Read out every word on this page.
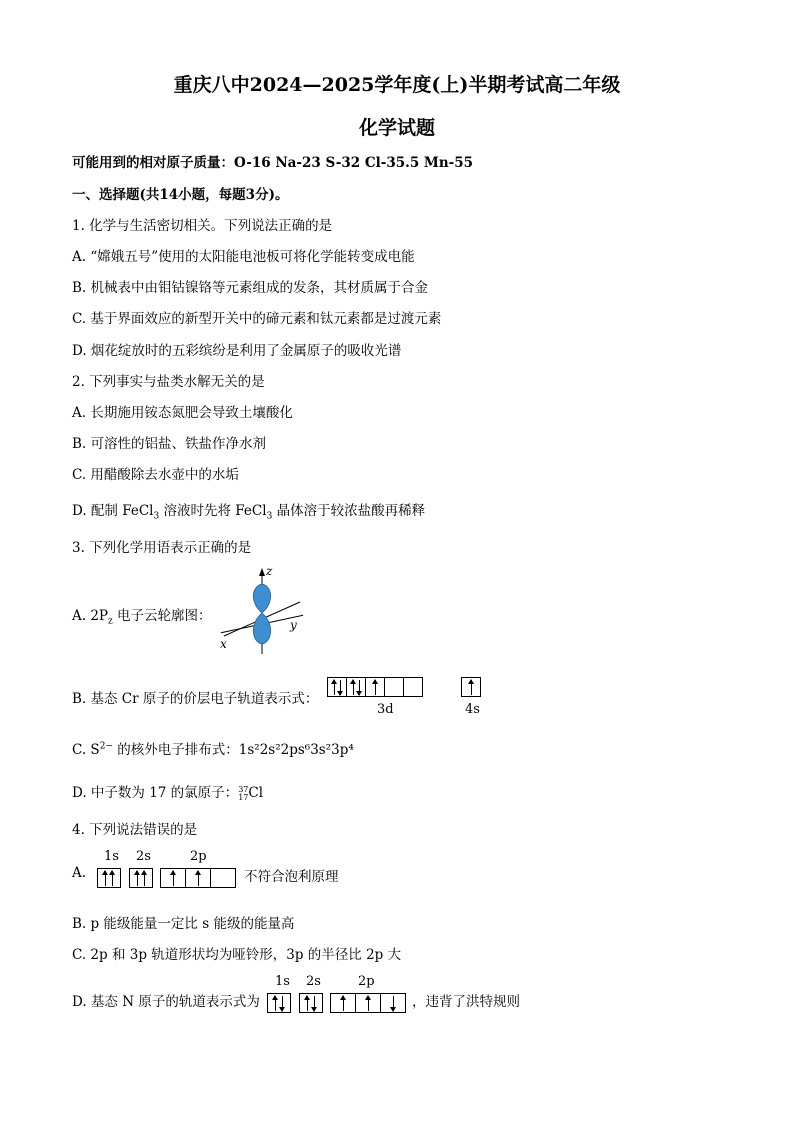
重庆八中2024—2025学年度(上)半期考试高二年级
化学试题
可能用到的相对原子质量：O-16 Na-23 S-32 Cl-35.5 Mn-55
一、选择题(共14小题，每题3分)。
1. 化学与生活密切相关。下列说法正确的是
A. “嫦娥五号”使用的太阳能电池板可将化学能转变成电能
B. 机械表中由钼钴镍铬等元素组成的发条，其材质属于合金
C. 基于界面效应的新型开关中的碲元素和钛元素都是过渡元素
D. 烟花绽放时的五彩缤纷是利用了金属原子的吸收光谱
2. 下列事实与盐类水解无关的是
A. 长期施用铵态氮肥会导致土壤酸化
B. 可溶性的铝盐、铁盐作净水剂
C. 用醋酸除去水壶中的水垢
D. 配制 FeCl$_3$ 溶液时先将 FeCl$_3$ 晶体溶于较浓盐酸再稀释
3. 下列化学用语表示正确的是
A. $2P_z$ 电子云轮廓图：
z
y
x
B. 基态 Cr 原子的价层电子轨道表示式：
3d	4s
C. $S^{2-}$ 的核外电子排布式：1s²2s²2ps⁶3s²3p⁴
D. 中子数为 17 的氯原子：37
17Cl
4. 下列说法错误的是
1s 2s	2p
A.

	不符合泡利原理
B. p 能级能量一定比 s 能级的能量高
C. 2p 和 3p 轨道形状均为哑铃形，3p 的半径比 2p 大
1s 2s	2p
D. 基态 N 原子的轨道表示式为

	，违背了洪特规则
